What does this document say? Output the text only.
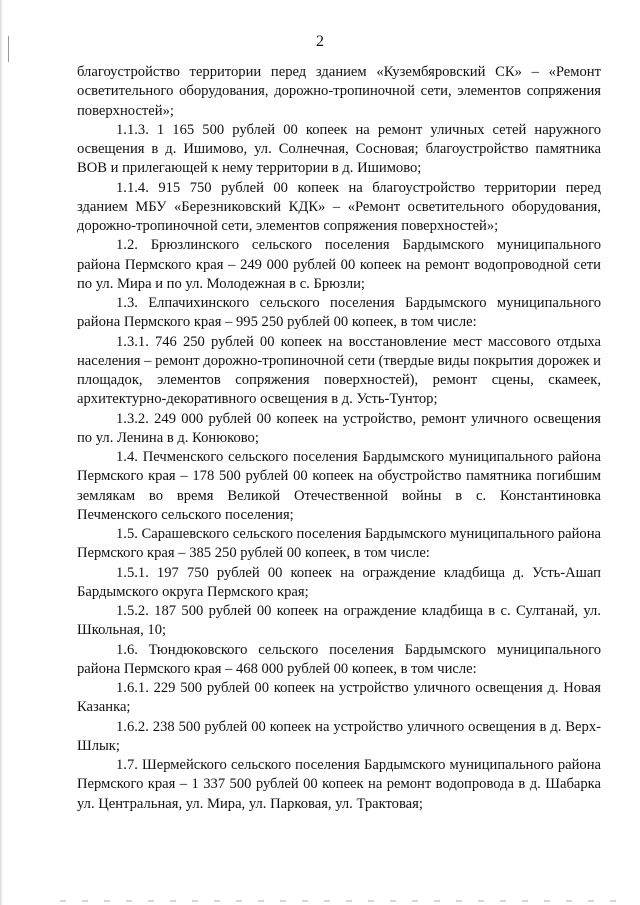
2

благоустройство территории перед зданием «Кузембяровский СК» – «Ремонт осветительного оборудования, дорожно-тропиночной сети, элементов сопряжения поверхностей»;

1.1.3. 1 165 500 рублей 00 копеек на ремонт уличных сетей наружного освещения в д. Ишимово, ул. Солнечная, Сосновая; благоустройство памятника ВОВ и прилегающей к нему территории в д. Ишимово;

1.1.4. 915 750 рублей 00 копеек на благоустройство территории перед зданием МБУ «Березниковский КДК» – «Ремонт осветительного оборудования, дорожно-тропиночной сети, элементов сопряжения поверхностей»;

1.2. Брюзлинского сельского поселения Бардымского муниципального района Пермского края – 249 000 рублей 00 копеек на ремонт водопроводной сети по ул. Мира и по ул. Молодежная в с. Брюзли;

1.3. Елпачихинского сельского поселения Бардымского муниципального района Пермского края – 995 250 рублей 00 копеек, в том числе:

1.3.1. 746 250 рублей 00 копеек на восстановление мест массового отдыха населения – ремонт дорожно-тропиночной сети (твердые виды покрытия дорожек и площадок, элементов сопряжения поверхностей), ремонт сцены, скамеек, архитектурно-декоративного освещения в д. Усть-Тунтор;

1.3.2. 249 000 рублей 00 копеек на устройство, ремонт уличного освещения по ул. Ленина в д. Конюково;

1.4. Печменского сельского поселения Бардымского муниципального района Пермского края – 178 500 рублей 00 копеек на обустройство памятника погибшим землякам во время Великой Отечественной войны в с. Константиновка Печменского сельского поселения;

1.5. Сарашевского сельского поселения Бардымского муниципального района Пермского края – 385 250 рублей 00 копеек, в том числе:

1.5.1. 197 750 рублей 00 копеек на ограждение кладбища д. Усть-Ашап Бардымского округа Пермского края;

1.5.2. 187 500 рублей 00 копеек на ограждение кладбища в с. Султанай, ул. Школьная, 10;

1.6. Тюндюковского сельского поселения Бардымского муниципального района Пермского края – 468 000 рублей 00 копеек, в том числе:

1.6.1. 229 500 рублей 00 копеек на устройство уличного освещения д. Новая Казанка;

1.6.2. 238 500 рублей 00 копеек на устройство уличного освещения в д. Верх-Шлык;

1.7. Шермейского сельского поселения Бардымского муниципального района Пермского края – 1 337 500 рублей 00 копеек на ремонт водопровода в д. Шабарка ул. Центральная, ул. Мира, ул. Парковая, ул. Трактовая;
